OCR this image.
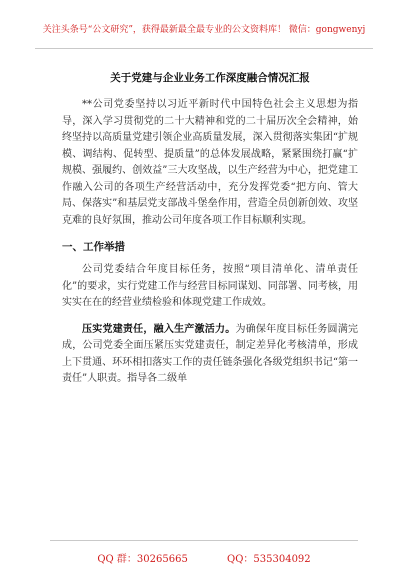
关注头条号“公文研究”，获得最新最全最专业的公文资料库！ 微信：gongwenyj
关于党建与企业业务工作深度融合情况汇报

**公司党委坚持以习近平新时代中国特色社会主义思想为指导，深入学习贯彻党的二十大精神和党的二十届历次全会精神，始终坚持以高质量党建引领企业高质量发展，深入贯彻落实集团“扩规模、调结构、促转型、提质量”的总体发展战略，紧紧围绕打赢“扩规模、强履约、创效益”三大攻坚战，以生产经营为中心，把党建工作融入公司的各项生产经营活动中，充分发挥党委“把方向、管大局、保落实”和基层党支部战斗堡垒作用，营造全员创新创效、攻坚克难的良好氛围，推动公司年度各项工作目标顺利实现。

一、工作举措

公司党委结合年度目标任务，按照“项目清单化、清单责任化”的要求，实行党建工作与经营目标同谋划、同部署、同考核，用实实在在的经营业绩检验和体现党建工作成效。

压实党建责任，融入生产激活力。为确保年度目标任务圆满完成，公司党委全面压紧压实党建责任，制定差异化考核清单，形成上下贯通、环环相扣落实工作的责任链条强化各级党组织书记“第一责任”人职责。指导各二级单

QQ 群：30265665	QQ：535304092
